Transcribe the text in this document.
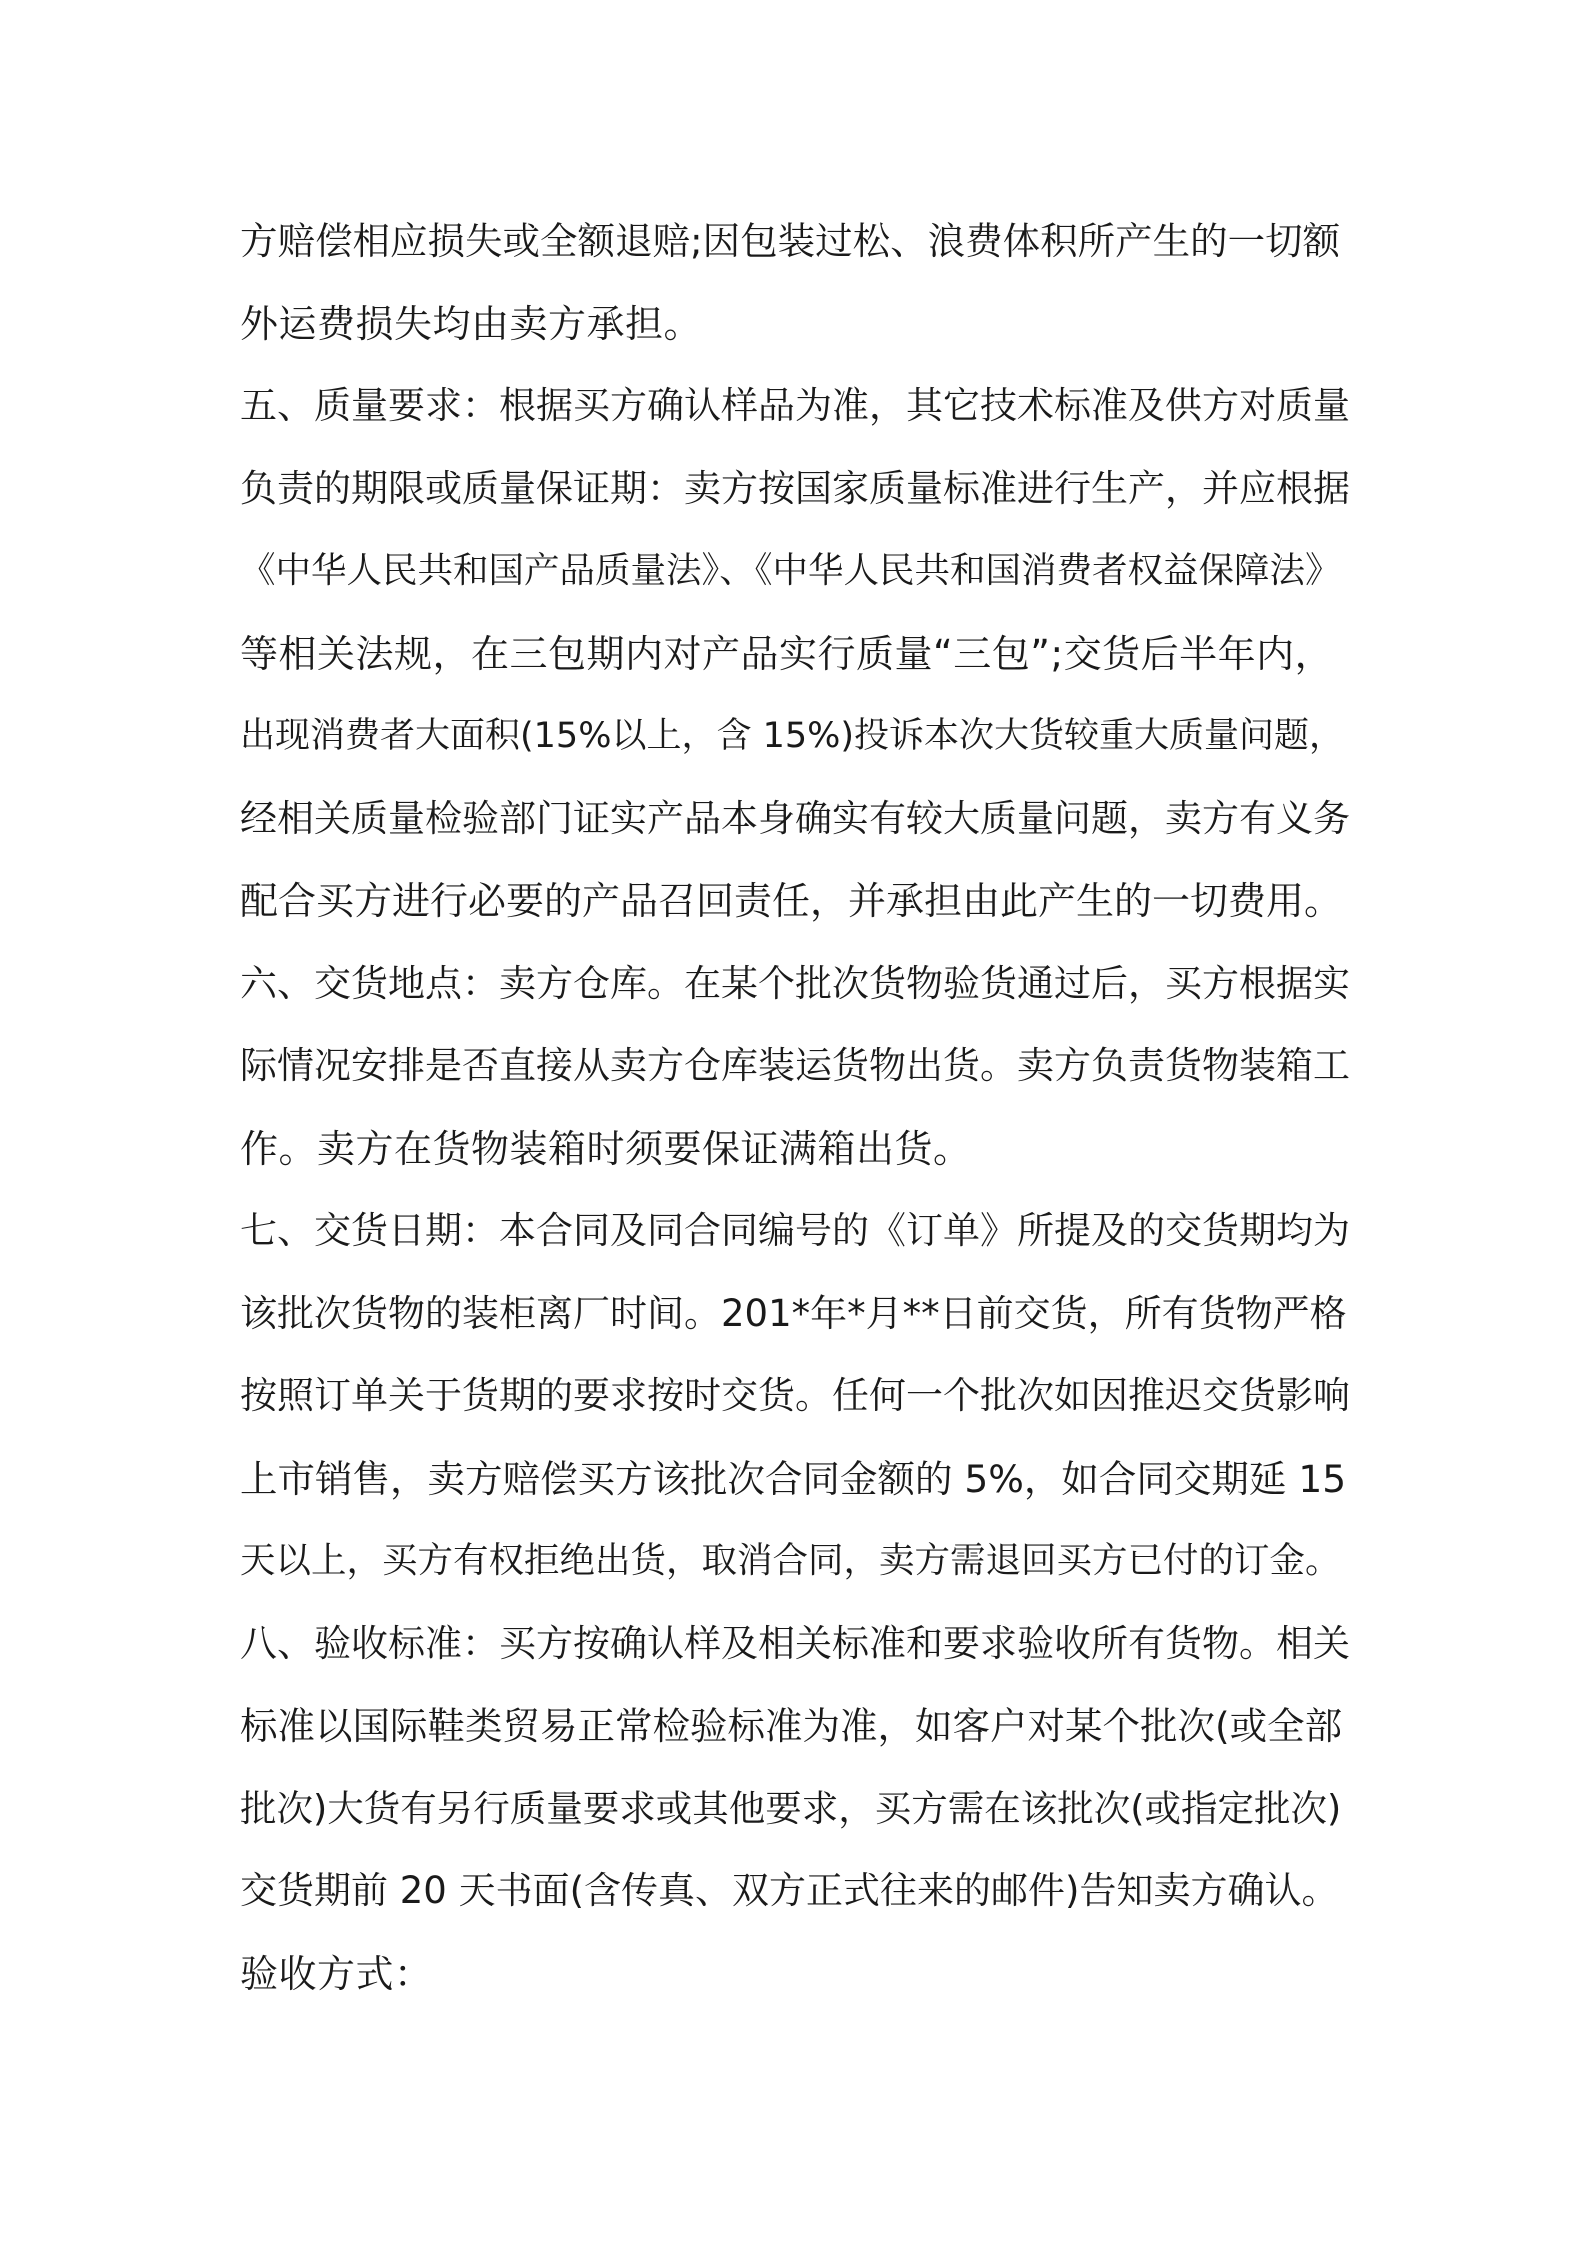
方赔偿相应损失或全额退赔;因包装过松、浪费体积所产生的一切额
外运费损失均由卖方承担。
五、质量要求：根据买方确认样品为准，其它技术标准及供方对质量
负责的期限或质量保证期：卖方按国家质量标准进行生产，并应根据
《中华人民共和国产品质量法》、《中华人民共和国消费者权益保障法》
等相关法规，在三包期内对产品实行质量“三包”;交货后半年内，
出现消费者大面积(15%以上，含 15%)投诉本次大货较重大质量问题，
经相关质量检验部门证实产品本身确实有较大质量问题，卖方有义务
配合买方进行必要的产品召回责任，并承担由此产生的一切费用。
六、交货地点：卖方仓库。在某个批次货物验货通过后，买方根据实
际情况安排是否直接从卖方仓库装运货物出货。卖方负责货物装箱工
作。卖方在货物装箱时须要保证满箱出货。
七、交货日期：本合同及同合同编号的《订单》所提及的交货期均为
该批次货物的装柜离厂时间。201*年*月**日前交货，所有货物严格
按照订单关于货期的要求按时交货。任何一个批次如因推迟交货影响
上市销售，卖方赔偿买方该批次合同金额的 5%，如合同交期延 15
天以上，买方有权拒绝出货，取消合同，卖方需退回买方已付的订金。
八、验收标准：买方按确认样及相关标准和要求验收所有货物。相关
标准以国际鞋类贸易正常检验标准为准，如客户对某个批次(或全部
批次)大货有另行质量要求或其他要求，买方需在该批次(或指定批次)
交货期前 20 天书面(含传真、双方正式往来的邮件)告知卖方确认。
验收方式：
